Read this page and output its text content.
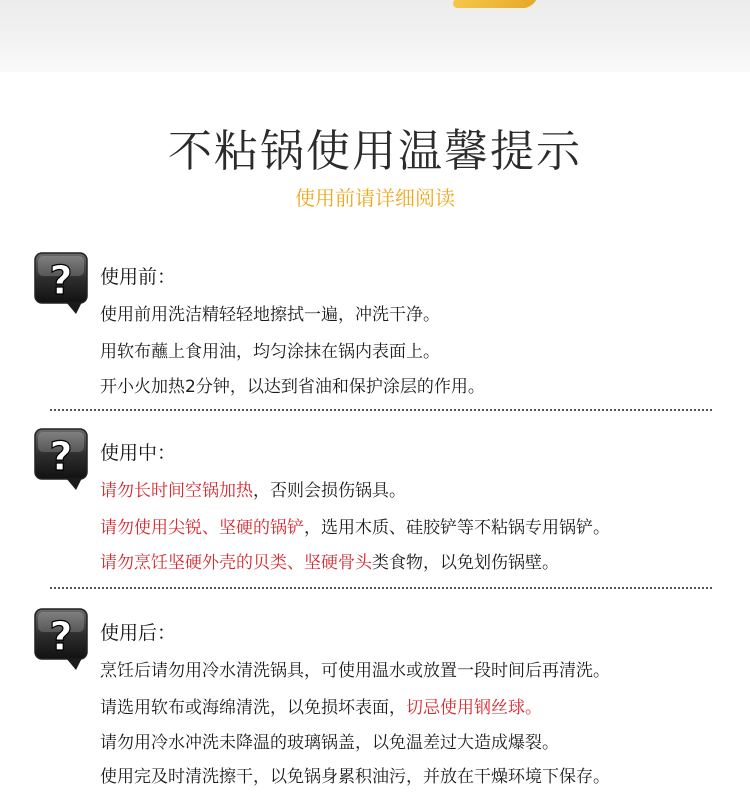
不粘锅使用温馨提示
使用前请详细阅读
? 使用前：
使用前用洗洁精轻轻地擦拭一遍，冲洗干净。
用软布蘸上食用油，均匀涂抹在锅内表面上。
开小火加热2分钟，以达到省油和保护涂层的作用。
? 使用中：
请勿长时间空锅加热，否则会损伤锅具。
请勿使用尖锐、坚硬的锅铲，选用木质、硅胶铲等不粘锅专用锅铲。
请勿烹饪坚硬外壳的贝类、坚硬骨头类食物，以免划伤锅壁。
? 使用后：
烹饪后请勿用冷水清洗锅具，可使用温水或放置一段时间后再清洗。
请选用软布或海绵清洗，以免损坏表面，切忌使用钢丝球。
请勿用冷水冲洗未降温的玻璃锅盖，以免温差过大造成爆裂。
使用完及时清洗擦干，以免锅身累积油污，并放在干燥环境下保存。
